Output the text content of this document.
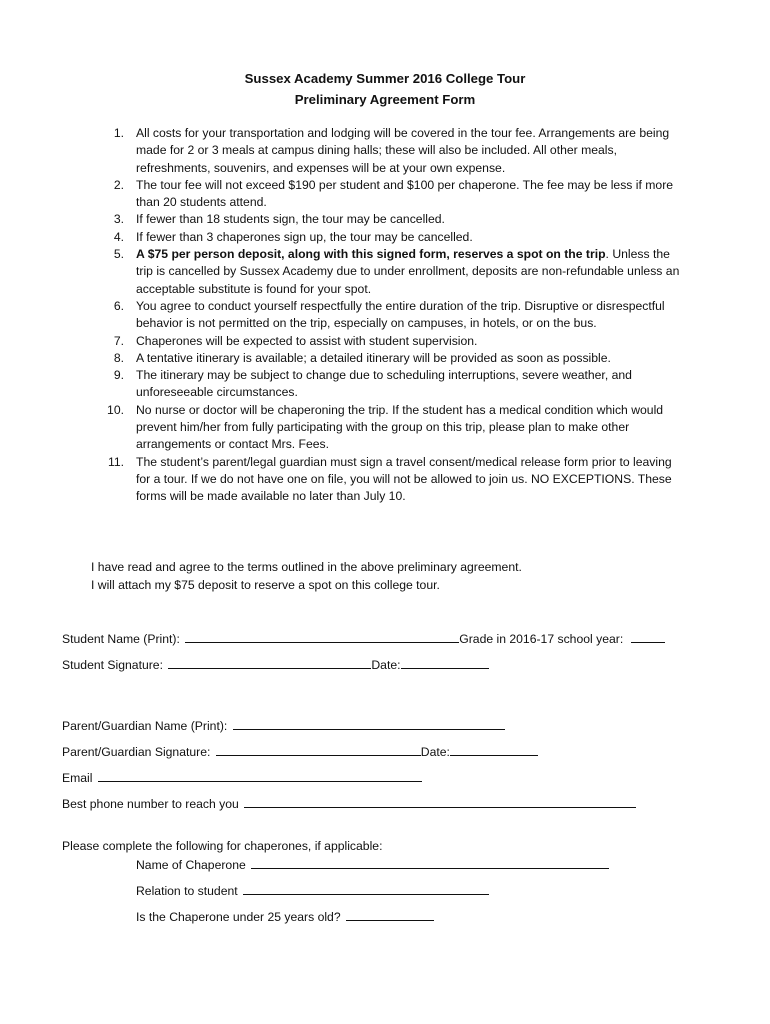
Sussex Academy Summer 2016 College Tour
Preliminary Agreement Form
1. All costs for your transportation and lodging will be covered in the tour fee. Arrangements are being made for 2 or 3 meals at campus dining halls; these will also be included. All other meals, refreshments, souvenirs, and expenses will be at your own expense.
2. The tour fee will not exceed $190 per student and $100 per chaperone. The fee may be less if more than 20 students attend.
3. If fewer than 18 students sign, the tour may be cancelled.
4. If fewer than 3 chaperones sign up, the tour may be cancelled.
5. A $75 per person deposit, along with this signed form, reserves a spot on the trip. Unless the trip is cancelled by Sussex Academy due to under enrollment, deposits are non-refundable unless an acceptable substitute is found for your spot.
6. You agree to conduct yourself respectfully the entire duration of the trip. Disruptive or disrespectful behavior is not permitted on the trip, especially on campuses, in hotels, or on the bus.
7. Chaperones will be expected to assist with student supervision.
8. A tentative itinerary is available; a detailed itinerary will be provided as soon as possible.
9. The itinerary may be subject to change due to scheduling interruptions, severe weather, and unforeseeable circumstances.
10. No nurse or doctor will be chaperoning the trip. If the student has a medical condition which would prevent him/her from fully participating with the group on this trip, please plan to make other arrangements or contact Mrs. Fees.
11. The student’s parent/legal guardian must sign a travel consent/medical release form prior to leaving for a tour. If we do not have one on file, you will not be allowed to join us. NO EXCEPTIONS. These forms will be made available no later than July 10.
I have read and agree to the terms outlined in the above preliminary agreement.
I will attach my $75 deposit to reserve a spot on this college tour.
Student Name (Print):	Grade in 2016-17 school year:
Student Signature:	Date:
Parent/Guardian Name (Print):
Parent/Guardian Signature:	Date:
Email
Best phone number to reach you
Please complete the following for chaperones, if applicable:
Name of Chaperone
Relation to student
Is the Chaperone under 25 years old?
